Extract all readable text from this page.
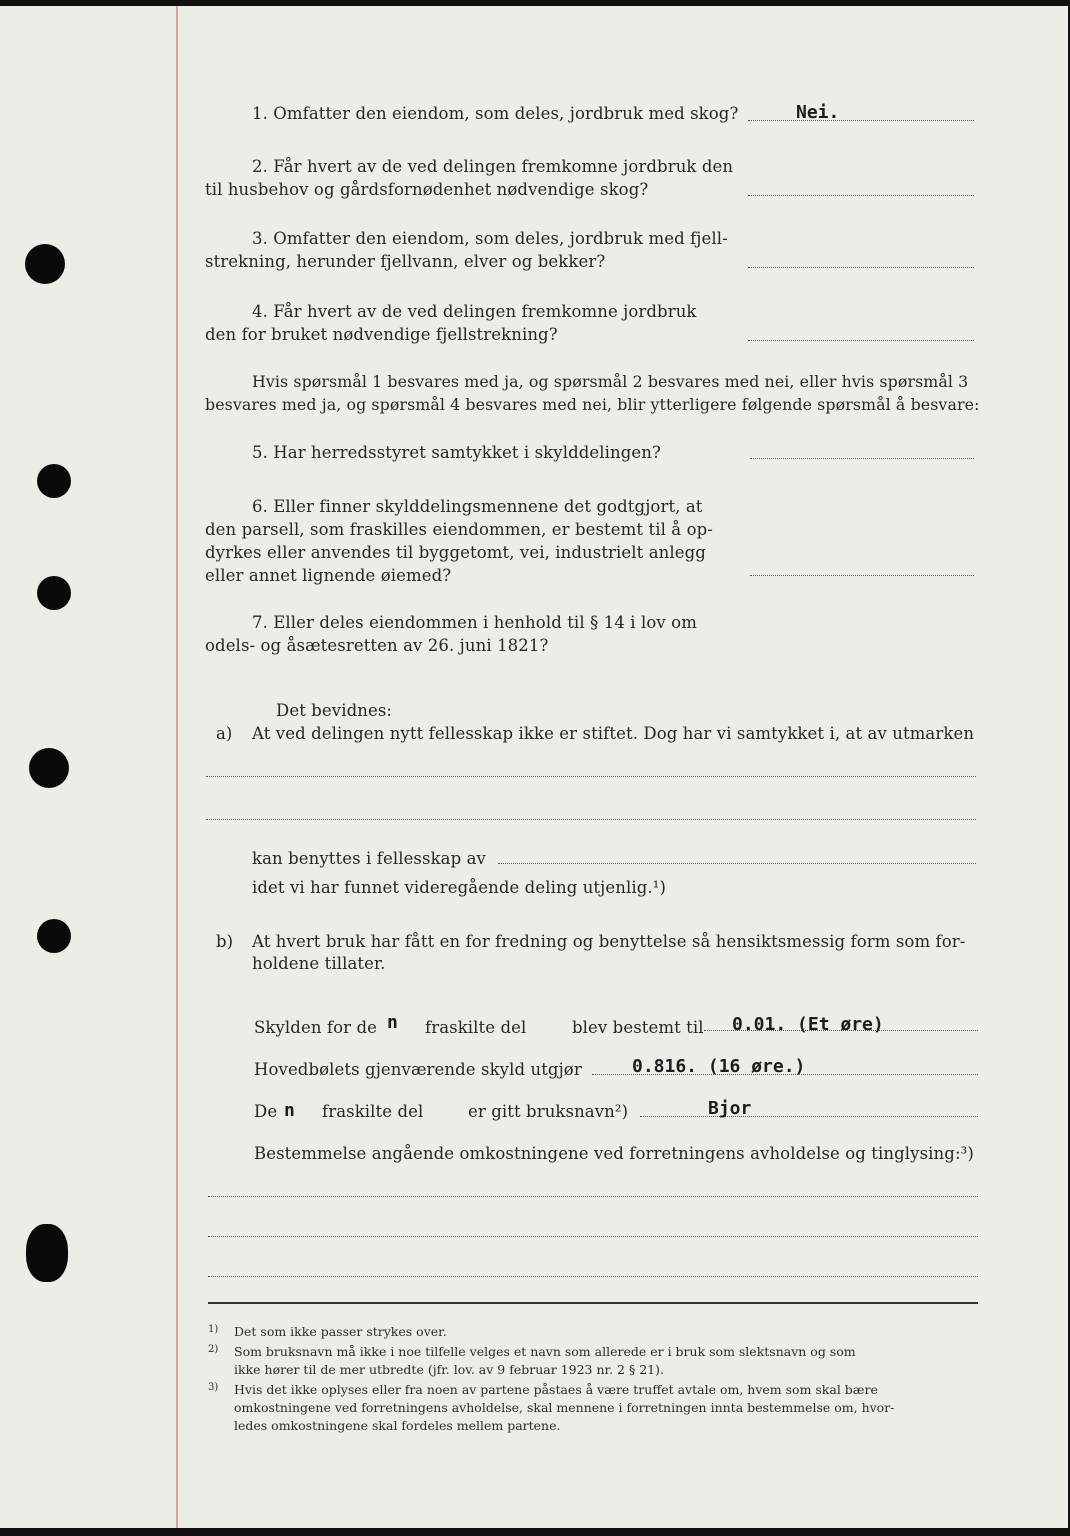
1. Omfatter den eiendom, som deles, jordbruk med skog?	Nei.
2. Får hvert av de ved delingen fremkomne jordbruk den
til husbehov og gårdsfornødenhet nødvendige skog?
3. Omfatter den eiendom, som deles, jordbruk med fjell-
strekning, herunder fjellvann, elver og bekker?
4. Får hvert av de ved delingen fremkomne jordbruk
den for bruket nødvendige fjellstrekning?
Hvis spørsmål 1 besvares med ja, og spørsmål 2 besvares med nei, eller hvis spørsmål 3
besvares med ja, og spørsmål 4 besvares med nei, blir ytterligere følgende spørsmål å besvare:
5. Har herredsstyret samtykket i skylddelingen?
6. Eller finner skylddelingsmennene det godtgjort, at
den parsell, som fraskilles eiendommen, er bestemt til å op-
dyrkes eller anvendes til byggetomt, vei, industrielt anlegg
eller annet lignende øiemed?
7. Eller deles eiendommen i henhold til § 14 i lov om
odels- og åsætesretten av 26. juni 1821?
Det bevidnes:
a) At ved delingen nytt fellesskap ikke er stiftet. Dog har vi samtykket i, at av utmarken
kan benyttes i fellesskap av
idet vi har funnet videregående deling utjenlig.¹)
b) At hvert bruk har fått en for fredning og benyttelse så hensiktsmessig form som for-
holdene tillater.
Skylden for de n fraskilte del	blev bestemt til 0.01. (Et øre)
Hovedbølets gjenværende skyld utgjør	0.816. (16 øre.)
De n fraskilte del	er gitt bruksnavn²)	Bjor
Bestemmelse angående omkostningene ved forretningens avholdelse og tinglysing:³)
1) Det som ikke passer strykes over.
2) Som bruksnavn må ikke i noe tilfelle velges et navn som allerede er i bruk som slektsnavn og som
ikke hører til de mer utbredte (jfr. lov. av 9 februar 1923 nr. 2 § 21).
3) Hvis det ikke oplyses eller fra noen av partene påstaes å være truffet avtale om, hvem som skal bære
omkostningene ved forretningens avholdelse, skal mennene i forretningen innta bestemmelse om, hvor-
ledes omkostningene skal fordeles mellem partene.
